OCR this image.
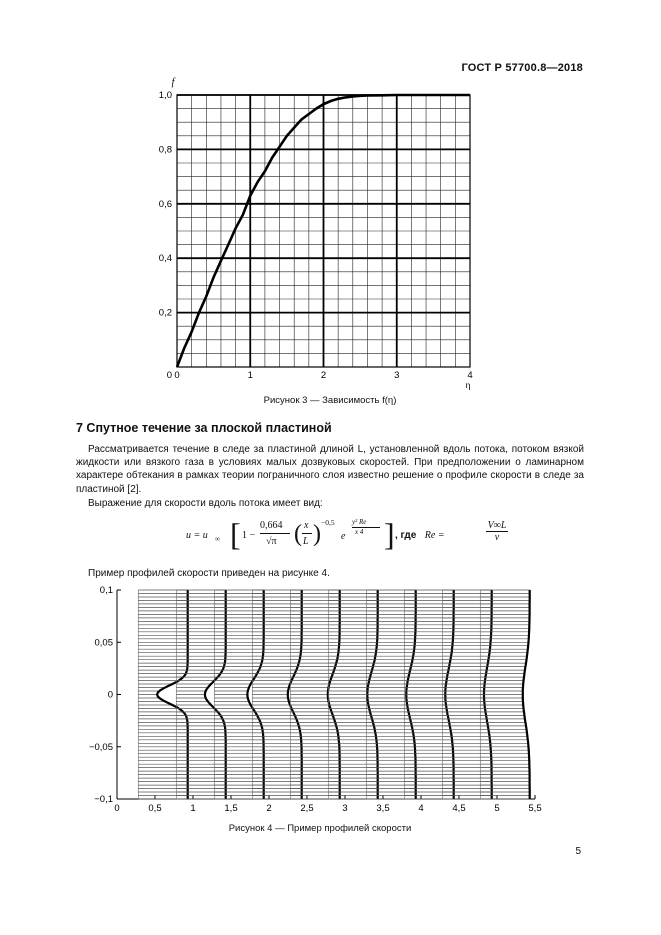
ГОСТ Р 57700.8—2018
0	1	2	3	4
0,2
0,4
0,6
0,8
1,0
0
η
f
Рисунок 3 — Зависимость f(η)
7 Спутное течение за плоской пластиной

Рассматривается течение в следе за пластиной длиной L, установленной вдоль потока, потоком вязкой жидкости или вязкого газа в условиях малых дозвуковых скоростей. При предположении о ламинарном характере обтекания в рамках теории пограничного слоя известно решение о профиле скорости в следе за пластиной [2].

Выражение для скорости вдоль потока имеет вид:

u = u ∞ [ 1 −
0,664
√π ( x
L ) −0,5
e
y² Re
x 4 ] , где Re =	$\frac{V\infty L}{\nu}$

Пример профилей скорости приведен на рисунке 4.

0	0,5	1	1,5	2	2,5	3	3,5	4	4,5	5	5,5
−0,1
−0,05
0
0,05
0,1
Рисунок 4 — Пример профилей скорости
5
